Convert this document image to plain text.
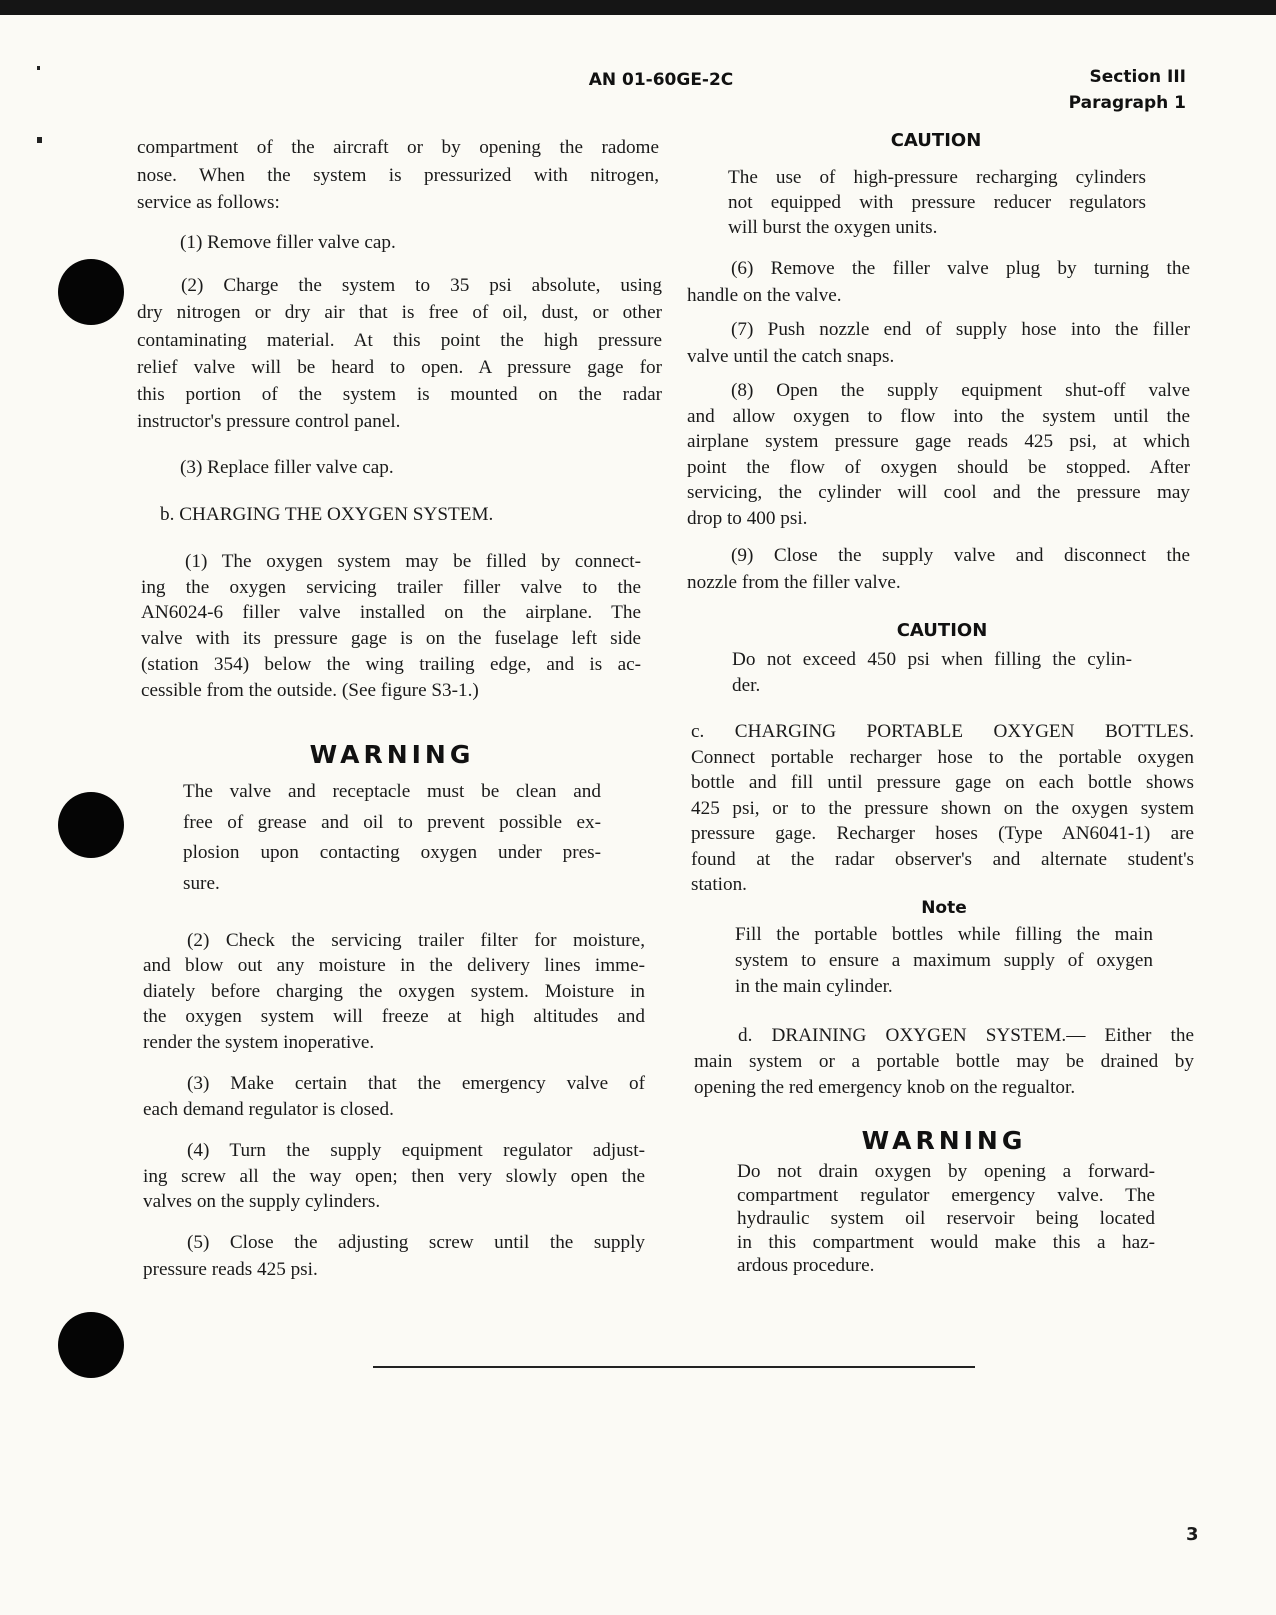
AN 01-60GE-2C	Section III
Paragraph 1
compartment of the aircraft or by opening the radome
nose. When the system is pressurized with nitrogen,
service as follows:
(1) Remove filler valve cap.
(2) Charge the system to 35 psi absolute, using
dry nitrogen or dry air that is free of oil, dust, or other
contaminating material. At this point the high pressure
relief valve will be heard to open. A pressure gage for
this portion of the system is mounted on the radar
instructor's pressure control panel.
(3) Replace filler valve cap.
b. CHARGING THE OXYGEN SYSTEM.
(1) The oxygen system may be filled by connect-
ing the oxygen servicing trailer filler valve to the
AN6024-6 filler valve installed on the airplane. The
valve with its pressure gage is on the fuselage left side
(station 354) below the wing trailing edge, and is ac-
cessible from the outside. (See figure S3-1.)
WARNING
The valve and receptacle must be clean and
free of grease and oil to prevent possible ex-
plosion upon contacting oxygen under pres-
sure.
(2) Check the servicing trailer filter for moisture,
and blow out any moisture in the delivery lines imme-
diately before charging the oxygen system. Moisture in
the oxygen system will freeze at high altitudes and
render the system inoperative.
(3) Make certain that the emergency valve of
each demand regulator is closed.
(4) Turn the supply equipment regulator adjust-
ing screw all the way open; then very slowly open the
valves on the supply cylinders.
(5) Close the adjusting screw until the supply
pressure reads 425 psi.
CAUTION
The use of high-pressure recharging cylinders
not equipped with pressure reducer regulators
will burst the oxygen units.
(6) Remove the filler valve plug by turning the
handle on the valve.
(7) Push nozzle end of supply hose into the filler
valve until the catch snaps.
(8) Open the supply equipment shut-off valve
and allow oxygen to flow into the system until the
airplane system pressure gage reads 425 psi, at which
point the flow of oxygen should be stopped. After
servicing, the cylinder will cool and the pressure may
drop to 400 psi.
(9) Close the supply valve and disconnect the
nozzle from the filler valve.
CAUTION
Do not exceed 450 psi when filling the cylin-
der.
c. CHARGING PORTABLE OXYGEN BOTTLES.
Connect portable recharger hose to the portable oxygen
bottle and fill until pressure gage on each bottle shows
425 psi, or to the pressure shown on the oxygen system
pressure gage. Recharger hoses (Type AN6041-1) are
found at the radar observer's and alternate student's
station.
Note
Fill the portable bottles while filling the main
system to ensure a maximum supply of oxygen
in the main cylinder.
d. DRAINING OXYGEN SYSTEM.— Either the
main system or a portable bottle may be drained by
opening the red emergency knob on the regualtor.
WARNING
Do not drain oxygen by opening a forward-
compartment regulator emergency valve. The
hydraulic system oil reservoir being located
in this compartment would make this a haz-
ardous procedure.
3
